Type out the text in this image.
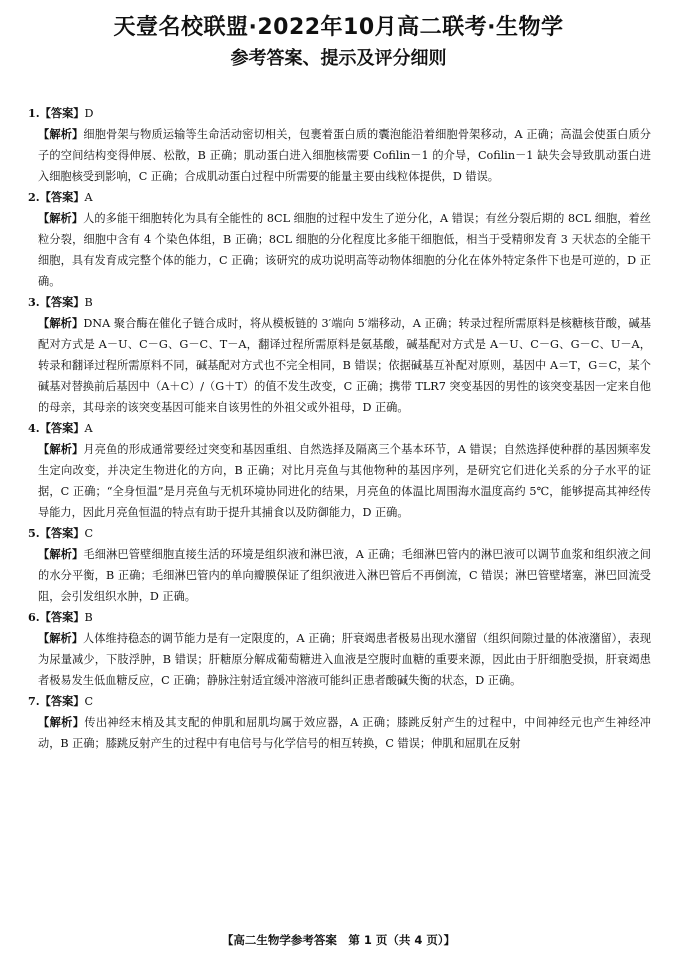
天壹名校联盟·2022年10月高二联考·生物学
参考答案、提示及评分细则
1.【答案】D
【解析】细胞骨架与物质运输等生命活动密切相关，包裹着蛋白质的囊泡能沿着细胞骨架移动，A 正确；高温会使蛋白质分子的空间结构变得伸展、松散，B 正确；肌动蛋白进入细胞核需要 Cofilin－1 的介导，Cofilin－1 缺失会导致肌动蛋白进入细胞核受到影响，C 正确；合成肌动蛋白过程中所需要的能量主要由线粒体提供，D 错误。
2.【答案】A
【解析】人的多能干细胞转化为具有全能性的 8CL 细胞的过程中发生了逆分化，A 错误；有丝分裂后期的 8CL 细胞，着丝粒分裂，细胞中含有 4 个染色体组，B 正确；8CL 细胞的分化程度比多能干细胞低，相当于受精卵发育 3 天状态的全能干细胞，具有发育成完整个体的能力，C 正确；该研究的成功说明高等动物体细胞的分化在体外特定条件下也是可逆的，D 正确。
3.【答案】B
【解析】DNA 聚合酶在催化子链合成时，将从模板链的 3′端向 5′端移动，A 正确；转录过程所需原料是核糖核苷酸，碱基配对方式是 A－U、C－G、G－C、T－A，翻译过程所需原料是氨基酸，碱基配对方式是 A－U、C－G、G－C、U－A，转录和翻译过程所需原料不同，碱基配对方式也不完全相同，B 错误；依据碱基互补配对原则，基因中 A＝T，G＝C，某个碱基对替换前后基因中（A＋C）/（G＋T）的值不发生改变，C 正确；携带 TLR7 突变基因的男性的该突变基因一定来自他的母亲，其母亲的该突变基因可能来自该男性的外祖父或外祖母，D 正确。
4.【答案】A
【解析】月亮鱼的形成通常要经过突变和基因重组、自然选择及隔离三个基本环节，A 错误；自然选择使种群的基因频率发生定向改变，并决定生物进化的方向，B 正确；对比月亮鱼与其他物种的基因序列，是研究它们进化关系的分子水平的证据，C 正确；“全身恒温”是月亮鱼与无机环境协同进化的结果，月亮鱼的体温比周围海水温度高约 5℃，能够提高其神经传导能力，因此月亮鱼恒温的特点有助于提升其捕食以及防御能力，D 正确。
5.【答案】C
【解析】毛细淋巴管壁细胞直接生活的环境是组织液和淋巴液，A 正确；毛细淋巴管内的淋巴液可以调节血浆和组织液之间的水分平衡，B 正确；毛细淋巴管内的单向瓣膜保证了组织液进入淋巴管后不再倒流，C 错误；淋巴管壁堵塞，淋巴回流受阻，会引发组织水肿，D 正确。
6.【答案】B
【解析】人体维持稳态的调节能力是有一定限度的，A 正确；肝衰竭患者极易出现水潴留（组织间隙过量的体液潴留），表现为尿量减少，下肢浮肿，B 错误；肝糖原分解成葡萄糖进入血液是空腹时血糖的重要来源，因此由于肝细胞受损，肝衰竭患者极易发生低血糖反应，C 正确；静脉注射适宜缓冲溶液可能纠正患者酸碱失衡的状态，D 正确。
7.【答案】C
【解析】传出神经末梢及其支配的伸肌和屈肌均属于效应器，A 正确；膝跳反射产生的过程中，中间神经元也产生神经冲动，B 正确；膝跳反射产生的过程中有电信号与化学信号的相互转换，C 错误；伸肌和屈肌在反射
【高二生物学参考答案　第 1 页（共 4 页）】
